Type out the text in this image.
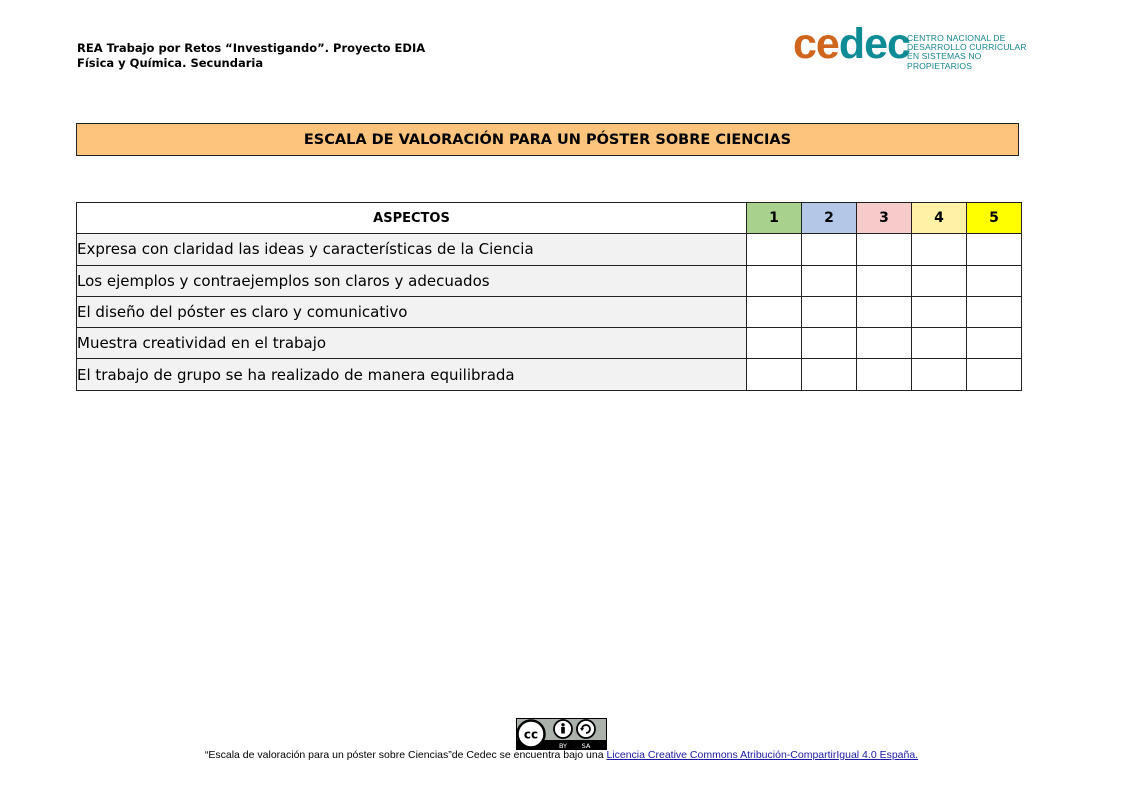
REA Trabajo por Retos “Investigando”. Proyecto EDIA
Física y Química. Secundaria	cedec
CENTRO NACIONAL DE
DESARROLLO CURRICULAR
EN SISTEMAS NO PROPIETARIOS
ESCALA DE VALORACIÓN PARA UN PÓSTER SOBRE CIENCIAS
ASPECTOS	1	2	3	4	5
Expresa con claridad las ideas y características de la Ciencia					
Los ejemplos y contraejemplos son claros y adecuados					
El diseño del póster es claro y comunicativo					
Muestra creatividad en el trabajo					
El trabajo de grupo se ha realizado de manera equilibrada					
cc
BY SA
“Escala de valoración para un póster sobre Ciencias”de Cedec se encuentra bajo una Licencia Creative Commons Atribución-CompartirIgual 4.0 España.
